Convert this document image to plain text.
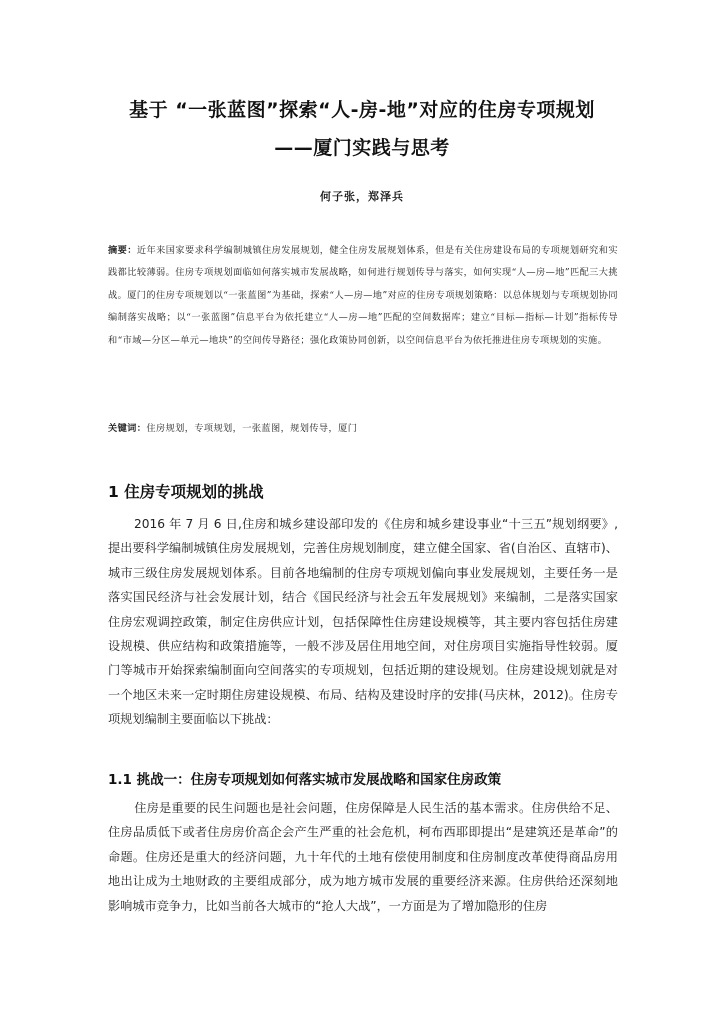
基于 “一张蓝图”探索“人-房-地”对应的住房专项规划
——厦门实践与思考
何子张，郑泽兵
摘要：近年来国家要求科学编制城镇住房发展规划，健全住房发展规划体系，但是有关住房建设布局的专项规划研究和实践都比较薄弱。住房专项规划面临如何落实城市发展战略，如何进行规划传导与落实，如何实现“人—房—地”匹配三大挑战。厦门的住房专项规划以“一张蓝图”为基础，探索“人—房—地”对应的住房专项规划策略：以总体规划与专项规划协同编制落实战略；以“一张蓝图”信息平台为依托建立“人—房—地”匹配的空间数据库；建立“目标—指标—计划”指标传导和“市域—分区—单元—地块”的空间传导路径；强化政策协同创新，以空间信息平台为依托推进住房专项规划的实施。
关键词：住房规划，专项规划，一张蓝图，规划传导，厦门
1 住房专项规划的挑战
2016 年 7 月 6 日,住房和城乡建设部印发的《住房和城乡建设事业“十三五”规划纲要》,提出要科学编制城镇住房发展规划，完善住房规划制度，建立健全国家、省(自治区、直辖市)、城市三级住房发展规划体系。目前各地编制的住房专项规划偏向事业发展规划，主要任务一是落实国民经济与社会发展计划，结合《国民经济与社会五年发展规划》来编制，二是落实国家住房宏观调控政策，制定住房供应计划，包括保障性住房建设规模等，其主要内容包括住房建设规模、供应结构和政策措施等，一般不涉及居住用地空间，对住房项目实施指导性较弱。厦门等城市开始探索编制面向空间落实的专项规划，包括近期的建设规划。住房建设规划就是对一个地区未来一定时期住房建设规模、布局、结构及建设时序的安排(马庆林，2012)。住房专项规划编制主要面临以下挑战：
1.1 挑战一：住房专项规划如何落实城市发展战略和国家住房政策
住房是重要的民生问题也是社会问题，住房保障是人民生活的基本需求。住房供给不足、住房品质低下或者住房房价高企会产生严重的社会危机，柯布西耶即提出“是建筑还是革命”的命题。住房还是重大的经济问题，九十年代的土地有偿使用制度和住房制度改革使得商品房用地出让成为土地财政的主要组成部分，成为地方城市发展的重要经济来源。住房供给还深刻地影响城市竞争力，比如当前各大城市的“抢人大战”，一方面是为了增加隐形的住房
